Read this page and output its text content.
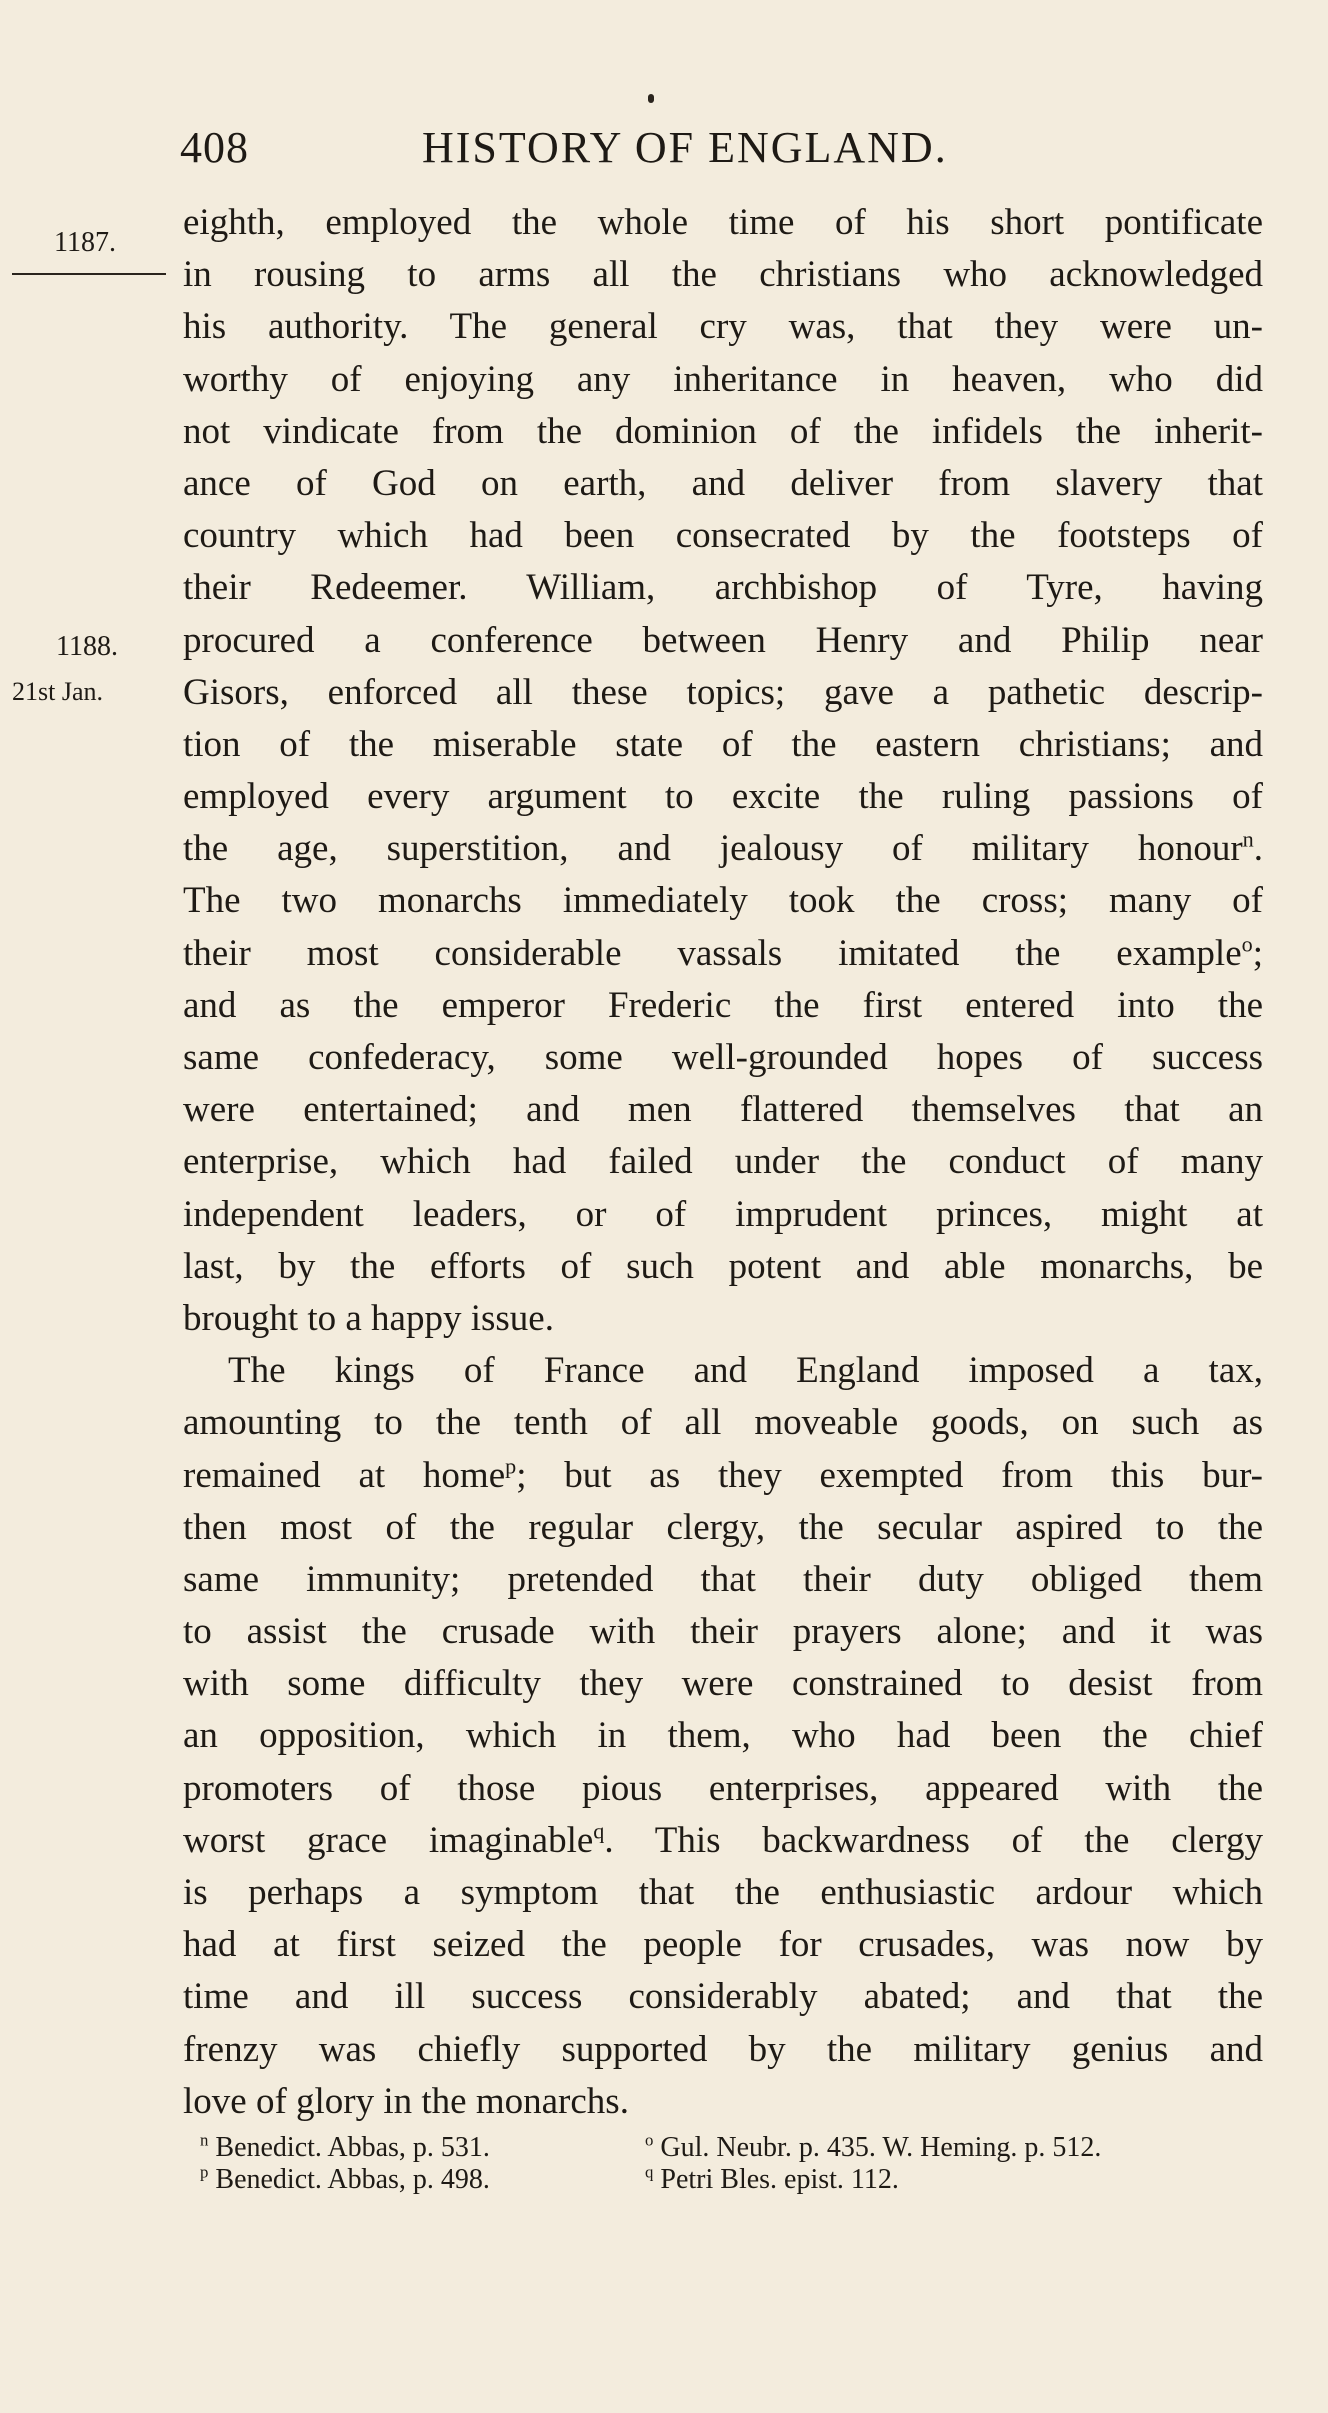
408	HISTORY OF ENGLAND.
1187.
1188.
21st Jan.
eighth, employed the whole time of his short pontificate
in rousing to arms all the christians who acknowledged
his authority. The general cry was, that they were un-
worthy of enjoying any inheritance in heaven, who did
not vindicate from the dominion of the infidels the inherit-
ance of God on earth, and deliver from slavery that
country which had been consecrated by the footsteps of
their Redeemer. William, archbishop of Tyre, having
procured a conference between Henry and Philip near
Gisors, enforced all these topics; gave a pathetic descrip-
tion of the miserable state of the eastern christians; and
employed every argument to excite the ruling passions of
the age, superstition, and jealousy of military honour$^n$.
The two monarchs immediately took the cross; many of
their most considerable vassals imitated the example$^o$;
and as the emperor Frederic the first entered into the
same confederacy, some well-grounded hopes of success
were entertained; and men flattered themselves that an
enterprise, which had failed under the conduct of many
independent leaders, or of imprudent princes, might at
last, by the efforts of such potent and able monarchs, be
brought to a happy issue.
The kings of France and England imposed a tax,
amounting to the tenth of all moveable goods, on such as
remained at home$^p$; but as they exempted from this bur-
then most of the regular clergy, the secular aspired to the
same immunity; pretended that their duty obliged them
to assist the crusade with their prayers alone; and it was
with some difficulty they were constrained to desist from
an opposition, which in them, who had been the chief
promoters of those pious enterprises, appeared with the
worst grace imaginable$^q$. This backwardness of the clergy
is perhaps a symptom that the enthusiastic ardour which
had at first seized the people for crusades, was now by
time and ill success considerably abated; and that the
frenzy was chiefly supported by the military genius and
love of glory in the monarchs.
$^n$ Benedict. Abbas, p. 531.	$^o$ Gul. Neubr. p. 435. W. Heming. p. 512.
$^p$ Benedict. Abbas, p. 498.	$^q$ Petri Bles. epist. 112.
